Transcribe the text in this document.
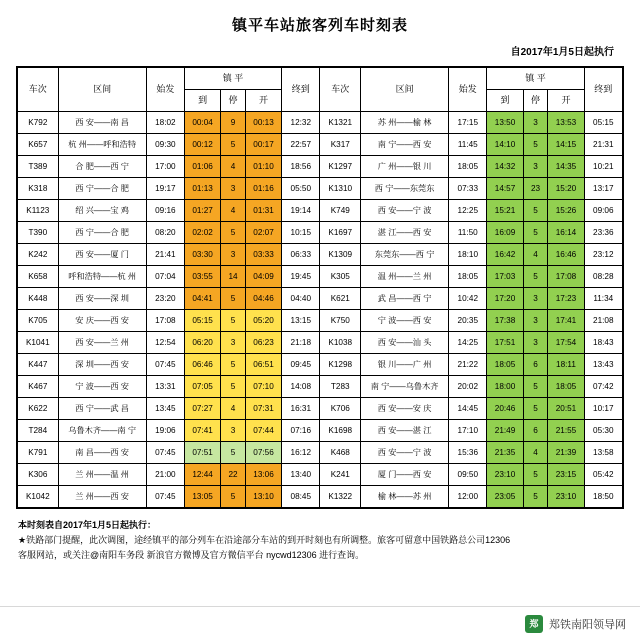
镇平车站旅客列车时刻表
自2017年1月5日起执行
车次	区间	始发	镇 平			终到	车次	区间	始发	镇 平			终到
			到	停	开					到	停	开	
K792	西 安——南 昌	18:02	00:04	9	00:13	12:32	K1321	苏 州——榆 林	17:15	13:50	3	13:53	05:15
K657	杭 州——呼和浩特	09:30	00:12	5	00:17	22:57	K317	南 宁——西 安	11:45	14:10	5	14:15	21:31
T389	合 肥——西 宁	17:00	01:06	4	01:10	18:56	K1297	广 州——银 川	18:05	14:32	3	14:35	10:21
K318	西 宁——合 肥	19:17	01:13	3	01:16	05:50	K1310	西 宁——东莞东	07:33	14:57	23	15:20	13:17
K1123	绍 兴——宝 鸡	09:16	01:27	4	01:31	19:14	K749	西 安——宁 波	12:25	15:21	5	15:26	09:06
T390	西 宁——合 肥	08:20	02:02	5	02:07	10:15	K1697	湛 江——西 安	11:50	16:09	5	16:14	23:36
K242	西 安——厦 门	21:41	03:30	3	03:33	06:33	K1309	东莞东——西 宁	18:10	16:42	4	16:46	23:12
K658	呼和浩特——杭 州	07:04	03:55	14	04:09	19:45	K305	温 州——兰 州	18:05	17:03	5	17:08	08:28
K448	西 安——深 圳	23:20	04:41	5	04:46	04:40	K621	武 昌——西 宁	10:42	17:20	3	17:23	11:34
K705	安 庆——西 安	17:08	05:15	5	05:20	13:15	K750	宁 波——西 安	20:35	17:38	3	17:41	21:08
K1041	西 安——兰 州	12:54	06:20	3	06:23	21:18	K1038	西 安——汕 头	14:25	17:51	3	17:54	18:43
K447	深 圳——西 安	07:45	06:46	5	06:51	09:45	K1298	银 川——广 州	21:22	18:05	6	18:11	13:43
K467	宁 波——西 安	13:31	07:05	5	07:10	14:08	T283	南 宁——乌鲁木齐	20:02	18:00	5	18:05	07:42
K622	西 宁——武 昌	13:45	07:27	4	07:31	16:31	K706	西 安——安 庆	14:45	20:46	5	20:51	10:17
T284	乌鲁木齐——南 宁	19:06	07:41	3	07:44	07:16	K1698	西 安——湛 江	17:10	21:49	6	21:55	05:30
K791	南 昌——西 安	07:45	07:51	5	07:56	16:12	K468	西 安——宁 波	15:36	21:35	4	21:39	13:58
K306	兰 州——温 州	21:00	12:44	22	13:06	13:40	K241	厦 门——西 安	09:50	23:10	5	23:15	05:42
K1042	兰 州——西 安	07:45	13:05	5	13:10	08:45	K1322	榆 林——苏 州	12:00	23:05	5	23:10	18:50
本时刻表自2017年1月5日起执行：
★铁路部门提醒，此次调图，途经镇平的部分列车在沿途部分车站的到开时刻也有所调整。旅客可留意中国铁路总公司12306
客服网站，或关注@南阳车务段 新浪官方微博及官方微信平台 nycwd12306 进行查询。
郑 郑铁南阳领导网
